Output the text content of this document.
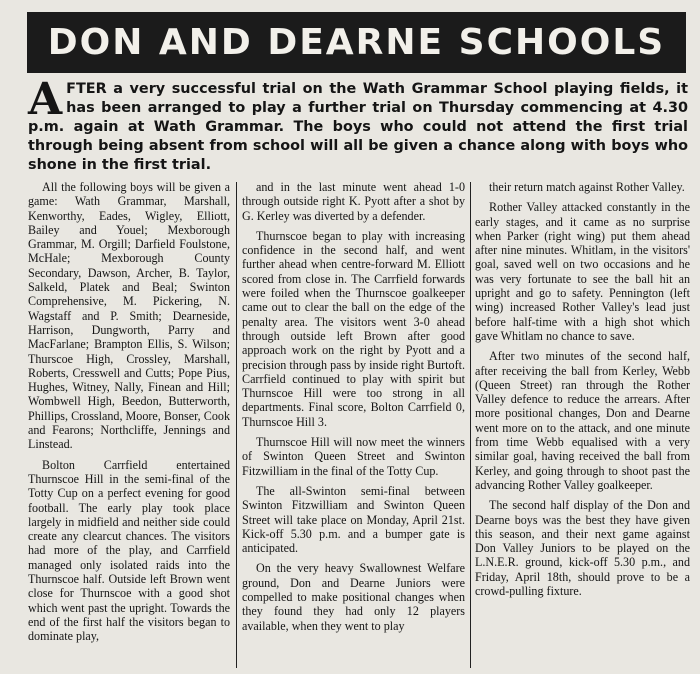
DON AND DEARNE SCHOOLS

AFTER a very successful trial on the Wath Grammar School playing fields, it has been arranged to play a further trial on Thursday commencing at 4.30 p.m. again at Wath Grammar. The boys who could not attend the first trial through being absent from school will all be given a chance along with boys who shone in the first trial.

All the following boys will be given a game: Wath Grammar, Marshall, Kenworthy, Eades, Wigley, Elliott, Bailey and Youel; Mexborough Grammar, M. Orgill; Darfield Foulstone, McHale; Mexborough County Secondary, Dawson, Archer, B. Taylor, Salkeld, Platek and Beal; Swinton Comprehensive, M. Pickering, N. Wagstaff and P. Smith; Dearneside, Harrison, Dungworth, Parry and MacFarlane; Brampton Ellis, S. Wilson; Thurscoe High, Crossley, Marshall, Roberts, Cresswell and Cutts; Pope Pius, Hughes, Witney, Nally, Finean and Hill; Wombwell High, Beedon, Butterworth, Phillips, Crossland, Moore, Bonser, Cook and Fearons; Northcliffe, Jennings and Linstead.

Bolton Carrfield entertained Thurnscoe Hill in the semi-final of the Totty Cup on a perfect evening for good football. The early play took place largely in midfield and neither side could create any clearcut chances. The visitors had more of the play, and Carrfield managed only isolated raids into the Thurnscoe half. Outside left Brown went close for Thurnscoe with a good shot which went past the upright. Towards the end of the first half the visitors began to dominate play,

and in the last minute went ahead 1-0 through outside right K. Pyott after a shot by G. Kerley was diverted by a defender.

Thurnscoe began to play with increasing confidence in the second half, and went further ahead when centre-forward M. Elliott scored from close in. The Carrfield forwards were foiled when the Thurnscoe goalkeeper came out to clear the ball on the edge of the penalty area. The visitors went 3-0 ahead through outside left Brown after good approach work on the right by Pyott and a precision through pass by inside right Burtoft. Carrfield continued to play with spirit but Thurnscoe Hill were too strong in all departments. Final score, Bolton Carrfield 0, Thurnscoe Hill 3.

Thurnscoe Hill will now meet the winners of Swinton Queen Street and Swinton Fitzwilliam in the final of the Totty Cup.

The all-Swinton semi-final between Swinton Fitzwilliam and Swinton Queen Street will take place on Monday, April 21st. Kick-off 5.30 p.m. and a bumper gate is anticipated.

On the very heavy Swallownest Welfare ground, Don and Dearne Juniors were compelled to make positional changes when they found they had only 12 players available, when they went to play

their return match against Rother Valley.

Rother Valley attacked constantly in the early stages, and it came as no surprise when Parker (right wing) put them ahead after nine minutes. Whitlam, in the visitors' goal, saved well on two occasions and he was very fortunate to see the ball hit an upright and go to safety. Pennington (left wing) increased Rother Valley's lead just before half-time with a high shot which gave Whitlam no chance to save.

After two minutes of the second half, after receiving the ball from Kerley, Webb (Queen Street) ran through the Rother Valley defence to reduce the arrears. After more positional changes, Don and Dearne went more on to the attack, and one minute from time Webb equalised with a very similar goal, having received the ball from Kerley, and going through to shoot past the advancing Rother Valley goalkeeper.

The second half display of the Don and Dearne boys was the best they have given this season, and their next game against Don Valley Juniors to be played on the L.N.E.R. ground, kick-off 5.30 p.m., and Friday, April 18th, should prove to be a crowd-pulling fixture.
